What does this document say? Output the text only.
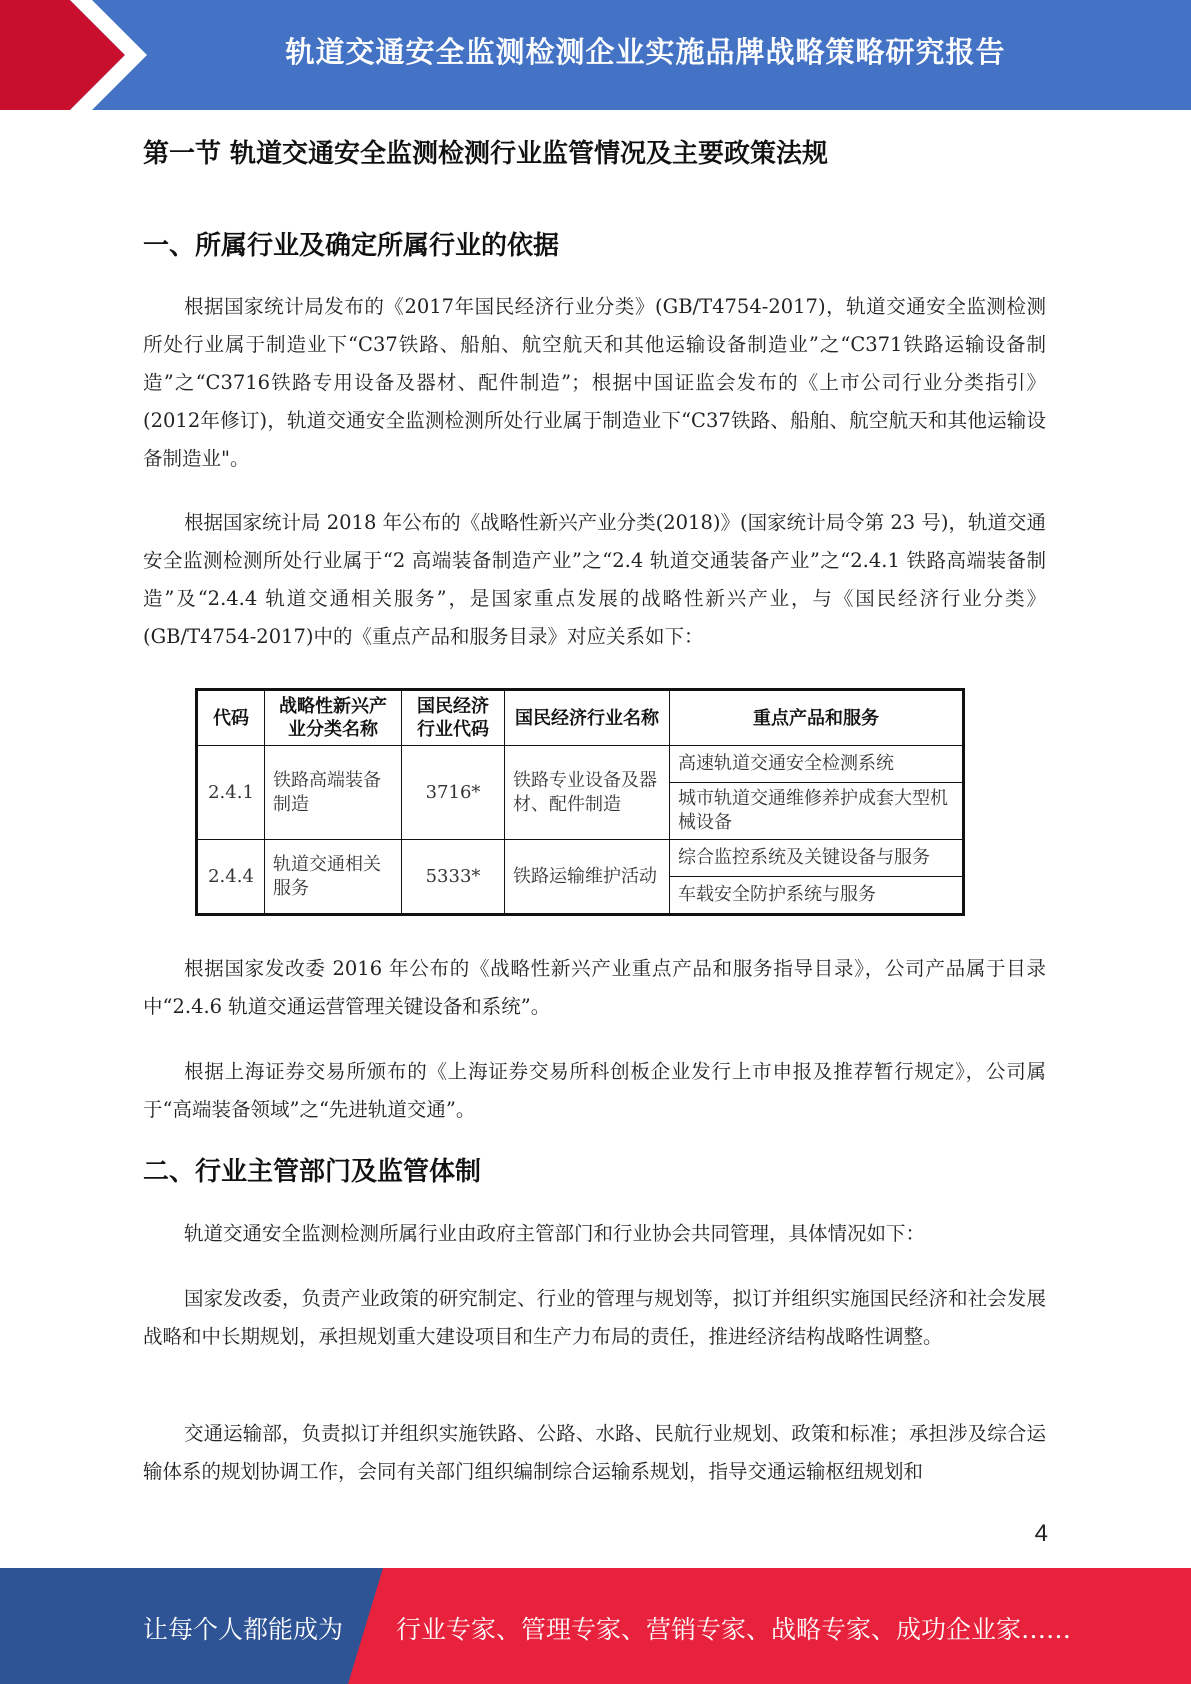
轨道交通安全监测检测企业实施品牌战略策略研究报告
第一节 轨道交通安全监测检测行业监管情况及主要政策法规
一、所属行业及确定所属行业的依据
根据国家统计局发布的《2017年国民经济行业分类》(GB/T4754-2017)，轨道交通安全监测检测所处行业属于制造业下“C37铁路、船舶、航空航天和其他运输设备制造业”之“C371铁路运输设备制造”之“C3716铁路专用设备及器材、配件制造”；根据中国证监会发布的《上市公司行业分类指引》(2012年修订)，轨道交通安全监测检测所处行业属于制造业下“C37铁路、船舶、航空航天和其他运输设备制造业"。
根据国家统计局 2018 年公布的《战略性新兴产业分类(2018)》(国家统计局令第 23 号)，轨道交通安全监测检测所处行业属于“2 高端装备制造产业”之“2.4 轨道交通装备产业”之“2.4.1 铁路高端装备制造”及“2.4.4 轨道交通相关服务”，是国家重点发展的战略性新兴产业，与《国民经济行业分类》(GB/T4754-2017)中的《重点产品和服务目录》对应关系如下：
代码	战略性新兴产业分类名称	国民经济行业代码	国民经济行业名称	重点产品和服务
2.4.1	铁路高端装备制造	3716*	铁路专业设备及器材、配件制造	高速轨道交通安全检测系统
				城市轨道交通维修养护成套大型机械设备
2.4.4	轨道交通相关服务	5333*	铁路运输维护活动	综合监控系统及关键设备与服务
				车载安全防护系统与服务
根据国家发改委 2016 年公布的《战略性新兴产业重点产品和服务指导目录》，公司产品属于目录中“2.4.6 轨道交通运营管理关键设备和系统”。
根据上海证券交易所颁布的《上海证券交易所科创板企业发行上市申报及推荐暂行规定》，公司属于“高端装备领域”之“先进轨道交通”。
二、行业主管部门及监管体制
轨道交通安全监测检测所属行业由政府主管部门和行业协会共同管理，具体情况如下：
国家发改委，负责产业政策的研究制定、行业的管理与规划等，拟订并组织实施国民经济和社会发展战略和中长期规划，承担规划重大建设项目和生产力布局的责任，推进经济结构战略性调整。
交通运输部，负责拟订并组织实施铁路、公路、水路、民航行业规划、政策和标准；承担涉及综合运输体系的规划协调工作，会同有关部门组织编制综合运输系规划，指导交通运输枢纽规划和
4
让每个人都能成为 行业专家、管理专家、营销专家、战略专家、成功企业家……
